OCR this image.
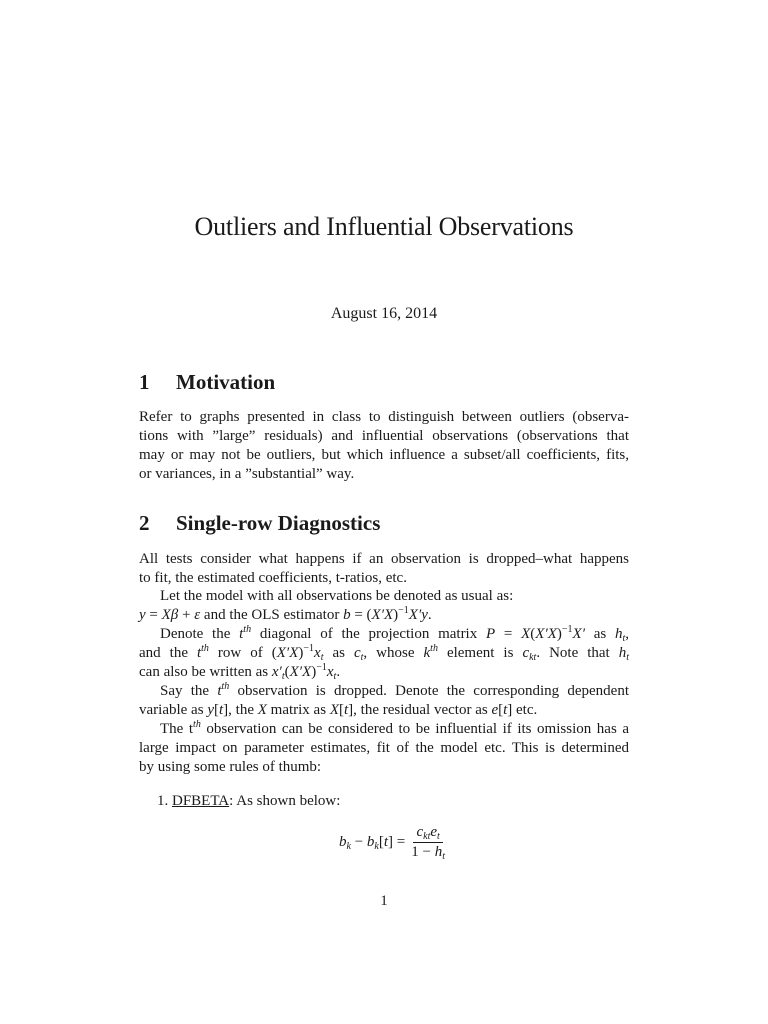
Outliers and Influential Observations
August 16, 2014
1 Motivation
Refer to graphs presented in class to distinguish between outliers (observa-
tions with ”large” residuals) and influential observations (observations that
may or may not be outliers, but which influence a subset/all coefficients, fits,
or variances, in a ”substantial” way.
2 Single-row Diagnostics
All tests consider what happens if an observation is dropped–what happens
to fit, the estimated coefficients, t-ratios, etc.
Let the model with all observations be denoted as usual as:
y = Xβ + ε and the OLS estimator $b = (X'X)^{-1}X'y$.
Denote the $t^{th}$ diagonal of the projection matrix $P = X(X'X)^{-1}X'$ as $h_t$,
and the $t^{th}$ row of $(X'X)^{-1}x_t$ as $c_t$, whose $k^{th}$ element is $c_{kt}$. Note that $h_t$
can also be written as $x'_t(X'X)^{-1}x_t$.
Say the $t^{th}$ observation is dropped. Denote the corresponding dependent
variable as y[t], the X matrix as X[t], the residual vector as e[t] etc.
The $t^{th}$ observation can be considered to be influential if its omission has a
large impact on parameter estimates, fit of the model etc. This is determined
by using some rules of thumb:
1. DFBETA: As shown below:
$b_k - b_k[t] = \frac{c_{kt}e_t}{1 - h_t}$
1
